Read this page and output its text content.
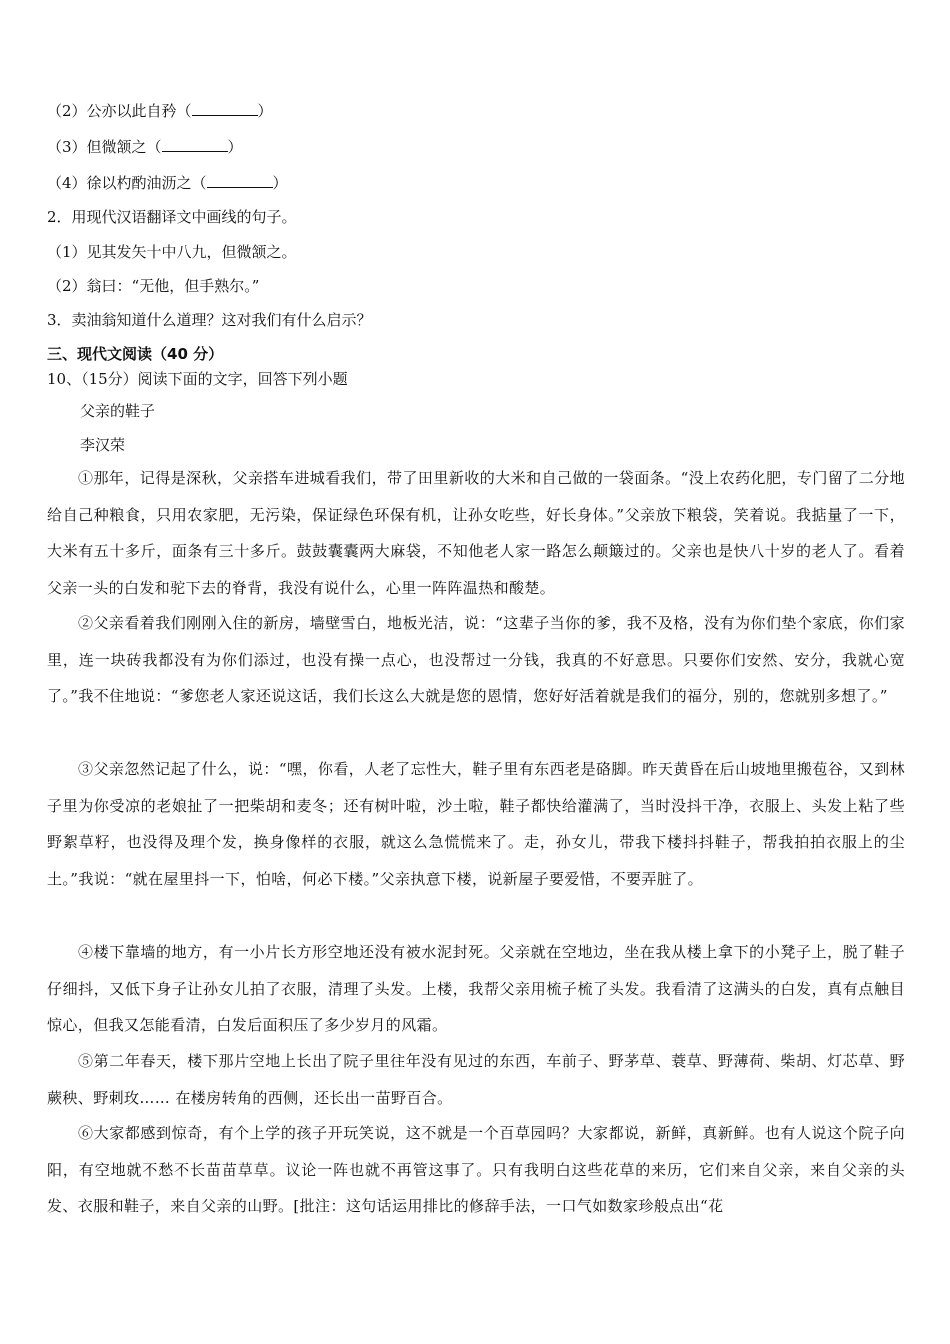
（2）公亦以此自矜（	）
（3）但微颔之（	）
（4）徐以杓酌油沥之（	）
2．用现代汉语翻译文中画线的句子。
（1）见其发矢十中八九，但微颔之。
（2）翁曰：“无他，但手熟尔。”
3．卖油翁知道什么道理？这对我们有什么启示？
三、现代文阅读（40 分）
10、（15分）阅读下面的文字，回答下列小题
父亲的鞋子
李汉荣
①那年，记得是深秋，父亲搭车进城看我们，带了田里新收的大米和自己做的一袋面条。“没上农药化肥，专门留了二分地给自己种粮食，只用农家肥，无污染，保证绿色环保有机，让孙女吃些，好长身体。”父亲放下粮袋，笑着说。我掂量了一下，大米有五十多斤，面条有三十多斤。鼓鼓囊囊两大麻袋，不知他老人家一路怎么颠簸过的。父亲也是快八十岁的老人了。看着父亲一头的白发和驼下去的脊背，我没有说什么，心里一阵阵温热和酸楚。
②父亲看着我们刚刚入住的新房，墙壁雪白，地板光洁，说：“这辈子当你的爹，我不及格，没有为你们垫个家底，你们家里，连一块砖我都没有为你们添过，也没有操一点心，也没帮过一分钱，我真的不好意思。只要你们安然、安分，我就心宽了。”我不住地说：“爹您老人家还说这话，我们长这么大就是您的恩情，您好好活着就是我们的福分，别的，您就别多想了。”
③父亲忽然记起了什么，说：“嘿，你看，人老了忘性大，鞋子里有东西老是硌脚。昨天黄昏在后山坡地里搬苞谷，又到林子里为你受凉的老娘扯了一把柴胡和麦冬；还有树叶啦，沙土啦，鞋子都快给灌满了，当时没抖干净，衣服上、头发上粘了些野絮草籽，也没得及理个发，换身像样的衣服，就这么急慌慌来了。走，孙女儿，带我下楼抖抖鞋子，帮我拍拍衣服上的尘土。”我说：“就在屋里抖一下，怕啥，何必下楼。”父亲执意下楼，说新屋子要爱惜，不要弄脏了。
④楼下靠墙的地方，有一小片长方形空地还没有被水泥封死。父亲就在空地边，坐在我从楼上拿下的小凳子上，脱了鞋子仔细抖，又低下身子让孙女儿拍了衣服，清理了头发。上楼，我帮父亲用梳子梳了头发。我看清了这满头的白发，真有点触目惊心，但我又怎能看清，白发后面积压了多少岁月的风霜。
⑤第二年春天，楼下那片空地上长出了院子里往年没有见过的东西，车前子、野茅草、蓑草、野薄荷、柴胡、灯芯草、野蕨秧、野刺玫…… 在楼房转角的西侧，还长出一苗野百合。
⑥大家都感到惊奇，有个上学的孩子开玩笑说，这不就是一个百草园吗？大家都说，新鲜，真新鲜。也有人说这个院子向阳，有空地就不愁不长苗苗草草。议论一阵也就不再管这事了。只有我明白这些花草的来历，它们来自父亲，来自父亲的头发、衣服和鞋子，来自父亲的山野。[批注：这句话运用排比的修辞手法，一口气如数家珍般点出“花
